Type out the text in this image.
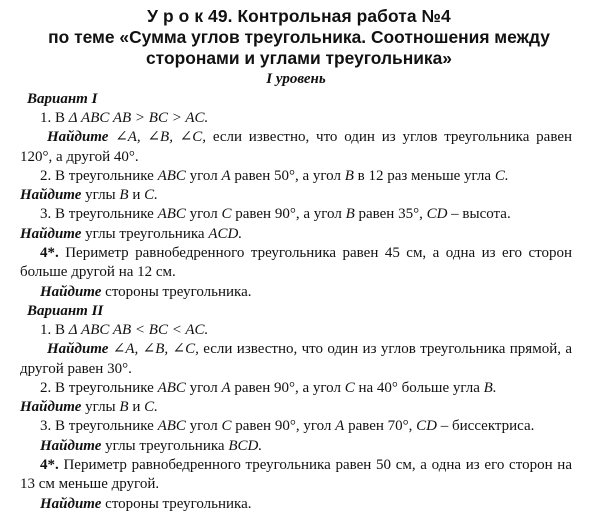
У р о к 49. Контрольная работа №4
по теме «Сумма углов треугольника. Соотношения между
сторонами и углами треугольника»
I уровень
Вариант I

1. В Δ ABC AB > BC > AC.

Найдите ∠A, ∠B, ∠C, если известно, что один из углов треугольника равен 120°, а другой 40°.

2. В треугольнике ABC угол A равен 50°, а угол B в 12 раз меньше угла C.
Найдите углы B и C.

3. В треугольнике ABC угол C равен 90°, а угол B равен 35°, CD – высота.
Найдите углы треугольника ACD.

4*. Периметр равнобедренного треугольника равен 45 см, а одна из его сторон больше другой на 12 см.

Найдите стороны треугольника.

Вариант II

1. В Δ ABC AB < BC < AC.

Найдите ∠A, ∠B, ∠C, если известно, что один из углов треугольника прямой, а другой равен 30°.

2. В треугольнике ABC угол A равен 90°, а угол C на 40° больше угла B.
Найдите углы B и C.

3. В треугольнике ABC угол C равен 90°, угол A равен 70°, CD – биссектриса.

Найдите углы треугольника BCD.

4*. Периметр равнобедренного треугольника равен 50 см, а одна из его сторон на 13 см меньше другой.

Найдите стороны треугольника.
